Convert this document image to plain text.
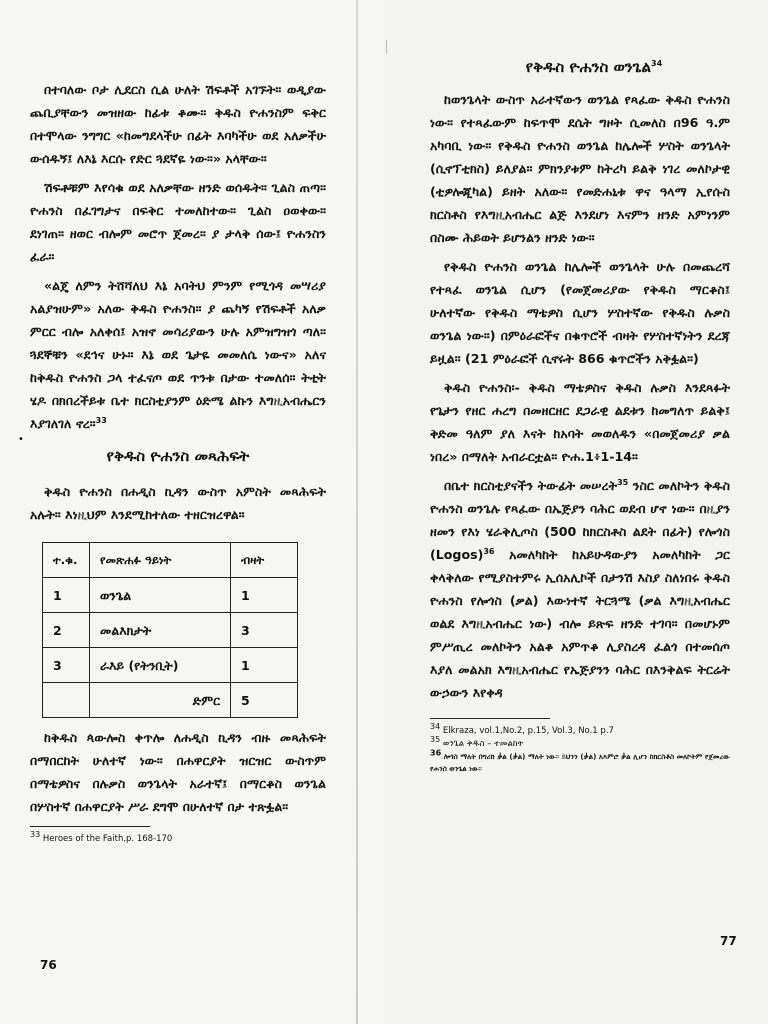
በተባለው ቦታ ሊደርስ ሲል ሁለት ሽፍቶች አገኙት። ወዲያው ጨቢያቸውን መዝዘው ከፊቱ ቆሙ። ቅዱስ ዮሐንስም ፍቅር በተሞላው ንግግር «ከመግደላችሁ በፊት እባካችሁ ወደ አለቃችሁ ውሰዱኝ፤ ለእኔ እርሱ የድር ጓደኛዬ ነው።» አላቸው።

ሽፍቶቹም እየሳቁ ወደ አለቃቸው ዘንድ ወሰዱት። ጊልስ ጠጣ። ዮሐንስ በፈገግታና በፍቅር ተመለከተው። ጊልስ ዐወቀው። ደነገጠ። ዘወር ብሎም መሮጥ ጀመረ። ያ ታላቅ ሰው፤ ዮሐንስን ፈራ።

«ልጄ ለምን ትሸሻለህ እኔ አባትህ ምንም የሚጎዳ መሣሪያ አልያዝሁም» አለው ቅዱስ ዮሐንስ። ያ ጨካኝ የሽፍቶች አለቃ ምርር ብሎ አለቀሰ፤ አዝኖ መሳሪያውን ሁሉ አምዝግዝጎ ጣለ። ጓደኞቹን «ደኅና ሁኑ። እኔ ወደ ጌታዬ መመለሴ ነውና» አለና ከቅዱስ ዮሐንስ ጋላ ተፈናጦ ወደ ጥንቱ በታው ተመለሰ። ትቲት ሄዶ በክበረችይቱ ቤተ ክርስቲያንም ዕድሜ ልኩን እግዚአብሔርን እያገለገለ ኖረ።$^{33}$

የቅዱስ ዮሐንስ መጻሕፍት

ቅዱስ ዮሐንስ በሐዲስ ኪዳን ውስጥ አምስት መጻሕፍት አሉት። እነዚህም እንደሚከተለው ተዘርዝረዋል።

ተ.ቁ.	የመጽሐፉ ዓይነት	ብዛት
1	ወንጌል	1
2	መልእክታት	3
3	ራእይ (የትንቢት)	1
	ድምር	5

ከቅዱስ ጳውሎስ ቀጥሎ ለሐዲስ ኪዳን ብዙ መጻሕፍት በማበርከት ሁለተኛ ነው። በሐዋርያት ዝርዝር ውስጥም በማቴዎስና በሉቃስ ወንጌላት አራተኛ፤ በማርቆስ ወንጌል በሦስተኛ በሐዋርያት ሥራ ደግሞ በሁለተኛ በታ ተጽፏል።

$^{33}$ Heroes of the Faith,p. 168-170
•
76
የቅዱስ ዮሐንስ ወንጌል$^{34}$

ከወንጌላት ውስጥ አራተኛውን ወንጌል የጻፈው ቅዱስ ዮሐንስ ነው። የተጻፈውም ከፍጥሞ ደሴት ግዞት ሲመለስ በ96 ዓ.ም አካባቢ ነው። የቅዱስ ዮሐንስ ወንጌል ከሌሎች ሦስት ወንጌላት (ሲኖፕቲክስ) ይለያል። ምክንያቱም ከትረካ ይልቅ ነገረ መለኮታዊ (ቲዎሎጂካል) ይዘት አለው። የመድሐኒቱ ዋና ዓላማ ኢየሱስ ክርስቶስ የእግዚአብሔር ልጅ እንደሆነ እናምን ዘንድ አምነንም በስሙ ሕይወት ይሆንልን ዘንድ ነው።

የቅዱስ ዮሐንስ ወንጌል ከሌሎች ወንጌላት ሁሉ በመጨረሻ የተጻፈ ወንጌል ሲሆን (የመጀመሪያው የቅዱስ ማርቆስ፤ ሁለተኛው የቅዱስ ማቴዎስ ሲሆን ሦስተኛው የቅዱስ ሉቃስ ወንጌል ነው።) በምዕራፎችና በቁጥሮች ብዛት የሦስተኛነትን ደረጃ ይዟል። (21 ምዕራፎች ሲኖሩት 866 ቁጥሮችን አቅፏል።)

ቅዱስ ዮሐንስ፡- ቅዱስ ማቴዎስና ቅዱስ ሉቃስ እንደጻፉት የጌታን የዘር ሐረግ በመዘርዘር ደጋራዊ ልደቱን ከመግለጥ ይልቅ፤ ቅድመ ዓለም ያለ እናት ከአባት መወለዱን «በመጀመሪያ ቃል ነበረ» በማለት አብራርቷል። ዮሐ.1፥1-14።

በቤተ ክርስቲያናችን ትውፊት መሠረት$^{35}$ ንስር መለኮትን ቅዱስ ዮሐንስ ወንጌሉ የጻፈው በኤጅያን ባሕር ወደብ ሆኖ ነው። በዚያን ዘመን የእነ ሄራቅሊጦስ (500 ከክርስቶስ ልደት በፊት) የሎጎስ (Logos)$^{36}$ አመለካከት ከአይሁዳውያን አመለካከት ጋር ቀላቅለው የሚያስተምሩ ኢሰአሊኮች በታንሽ እስያ ስለነበሩ ቅዱስ ዮሐንስ የሎጎስ (ቃል) እውነተኛ ትርጓሜ (ቃል እግዚአብሔር ወልደ እግዚአብሔር ነው) ብሎ ይጽፍ ዘንድ ተገባ። በመሆኑም ምሥጢረ መለኮትን አልቆ አምጥቆ ሊያስረዳ ፈልጎ በተመሰጦ እያለ መልአክ እግዚአብሔር የኤጅያንን ባሕር በእንቅልፍ ትርሬት ውኃውን እየቀዳ

$^{34}$ Elkraza, vol.1,No.2, p.15, Vol.3, No.1 p.7
$^{35}$ ወንጌል ቅዱስ – ተመልከት
$^{36}$ ሎጎስ ማለት በግሪክ ቃል (ቃል) ማለት ነው። ይህንን (ቃል) አእምሮ ቃል ሊሆን ከክርስቶስ መለኮትም የጀመረው የሐንስ ወንጌል ነው።
77
